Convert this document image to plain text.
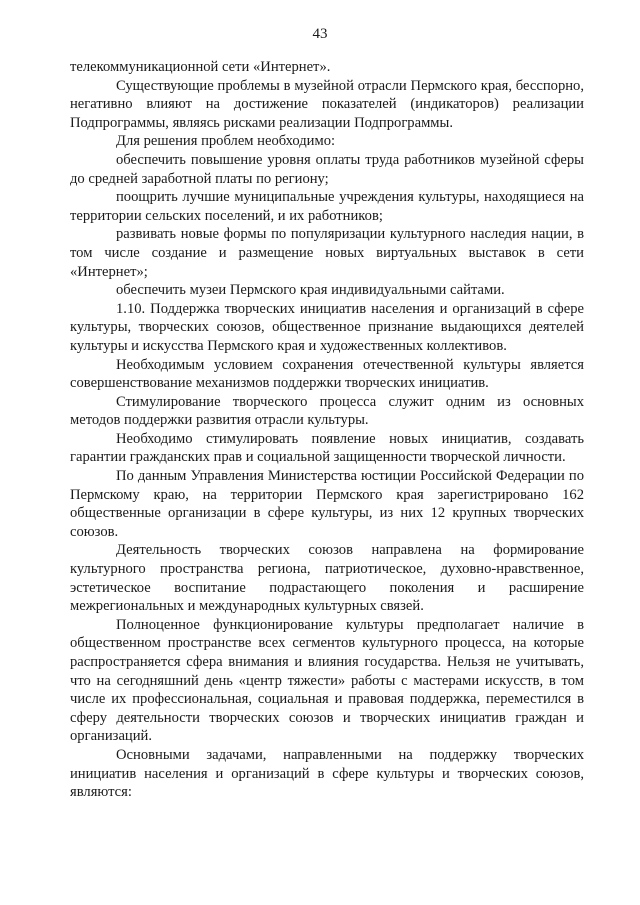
43

телекоммуникационной сети «Интернет».

Существующие проблемы в музейной отрасли Пермского края, бесспорно, негативно влияют на достижение показателей (индикаторов) реализации Подпрограммы, являясь рисками реализации Подпрограммы.

Для решения проблем необходимо:

обеспечить повышение уровня оплаты труда работников музейной сферы до средней заработной платы по региону;

поощрить лучшие муниципальные учреждения культуры, находящиеся на территории сельских поселений, и их работников;

развивать новые формы по популяризации культурного наследия нации, в том числе создание и размещение новых виртуальных выставок в сети «Интернет»;

обеспечить музеи Пермского края индивидуальными сайтами.

1.10. Поддержка творческих инициатив населения и организаций в сфере культуры, творческих союзов, общественное признание выдающихся деятелей культуры и искусства Пермского края и художественных коллективов.

Необходимым условием сохранения отечественной культуры является совершенствование механизмов поддержки творческих инициатив.

Стимулирование творческого процесса служит одним из основных методов поддержки развития отрасли культуры.

Необходимо стимулировать появление новых инициатив, создавать гарантии гражданских прав и социальной защищенности творческой личности.

По данным Управления Министерства юстиции Российской Федерации по Пермскому краю, на территории Пермского края зарегистрировано 162 общественные организации в сфере культуры, из них 12 крупных творческих союзов.

Деятельность творческих союзов направлена на формирование культурного пространства региона, патриотическое, духовно-нравственное, эстетическое воспитание подрастающего поколения и расширение межрегиональных и международных культурных связей.

Полноценное функционирование культуры предполагает наличие в общественном пространстве всех сегментов культурного процесса, на которые распространяется сфера внимания и влияния государства. Нельзя не учитывать, что на сегодняшний день «центр тяжести» работы с мастерами искусств, в том числе их профессиональная, социальная и правовая поддержка, переместился в сферу деятельности творческих союзов и творческих инициатив граждан и организаций.

Основными задачами, направленными на поддержку творческих инициатив населения и организаций в сфере культуры и творческих союзов, являются:
